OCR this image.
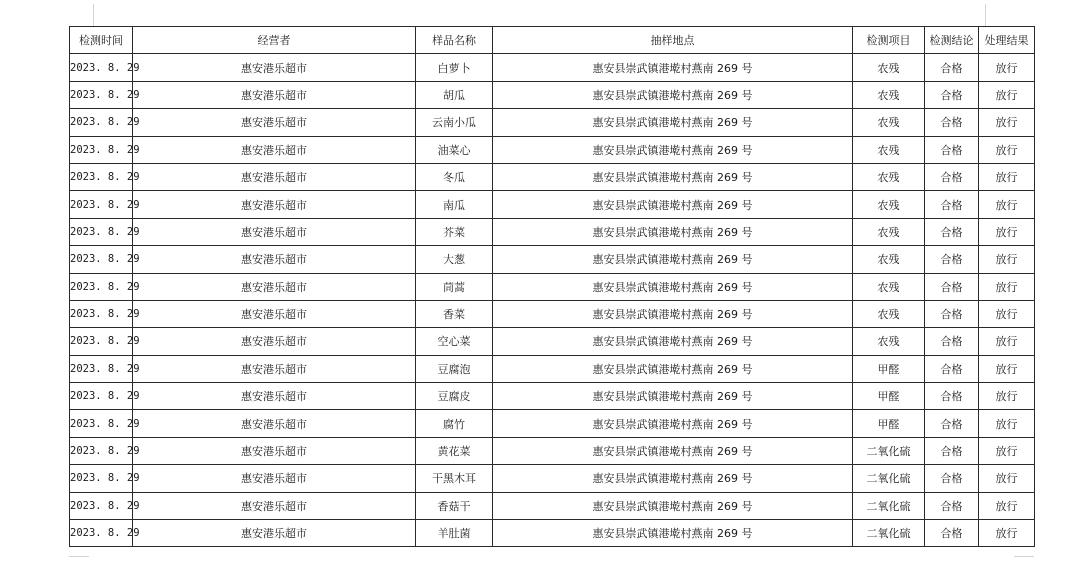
检测时间	经营者	样品名称	抽样地点	检测项目	检测结论	处理结果
2023. 8. 29	惠安港乐超市	白萝卜	惠安县崇武镇港墘村燕南 269 号	农残	合格	放行
2023. 8. 29	惠安港乐超市	胡瓜	惠安县崇武镇港墘村燕南 269 号	农残	合格	放行
2023. 8. 29	惠安港乐超市	云南小瓜	惠安县崇武镇港墘村燕南 269 号	农残	合格	放行
2023. 8. 29	惠安港乐超市	油菜心	惠安县崇武镇港墘村燕南 269 号	农残	合格	放行
2023. 8. 29	惠安港乐超市	冬瓜	惠安县崇武镇港墘村燕南 269 号	农残	合格	放行
2023. 8. 29	惠安港乐超市	南瓜	惠安县崇武镇港墘村燕南 269 号	农残	合格	放行
2023. 8. 29	惠安港乐超市	芥菜	惠安县崇武镇港墘村燕南 269 号	农残	合格	放行
2023. 8. 29	惠安港乐超市	大葱	惠安县崇武镇港墘村燕南 269 号	农残	合格	放行
2023. 8. 29	惠安港乐超市	茼蒿	惠安县崇武镇港墘村燕南 269 号	农残	合格	放行
2023. 8. 29	惠安港乐超市	香菜	惠安县崇武镇港墘村燕南 269 号	农残	合格	放行
2023. 8. 29	惠安港乐超市	空心菜	惠安县崇武镇港墘村燕南 269 号	农残	合格	放行
2023. 8. 29	惠安港乐超市	豆腐泡	惠安县崇武镇港墘村燕南 269 号	甲醛	合格	放行
2023. 8. 29	惠安港乐超市	豆腐皮	惠安县崇武镇港墘村燕南 269 号	甲醛	合格	放行
2023. 8. 29	惠安港乐超市	腐竹	惠安县崇武镇港墘村燕南 269 号	甲醛	合格	放行
2023. 8. 29	惠安港乐超市	黄花菜	惠安县崇武镇港墘村燕南 269 号	二氧化硫	合格	放行
2023. 8. 29	惠安港乐超市	干黑木耳	惠安县崇武镇港墘村燕南 269 号	二氧化硫	合格	放行
2023. 8. 29	惠安港乐超市	香菇干	惠安县崇武镇港墘村燕南 269 号	二氧化硫	合格	放行
2023. 8. 29	惠安港乐超市	羊肚菌	惠安县崇武镇港墘村燕南 269 号	二氧化硫	合格	放行
